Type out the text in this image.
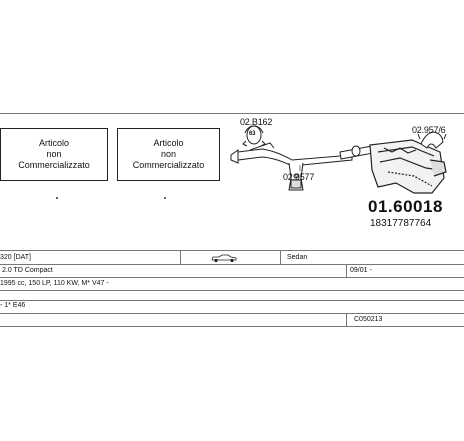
Articolo
non
Commercializzato
Articolo
non
Commercializzato
02.B162
63	02.957/6
02.9577
01.60018
18317787764
320 [DAT]	Sedan
2.0 TD Compact	09/01 -
1995 cc, 150 LP, 110 KW, M* V47 -
- 1* E46
C050213
